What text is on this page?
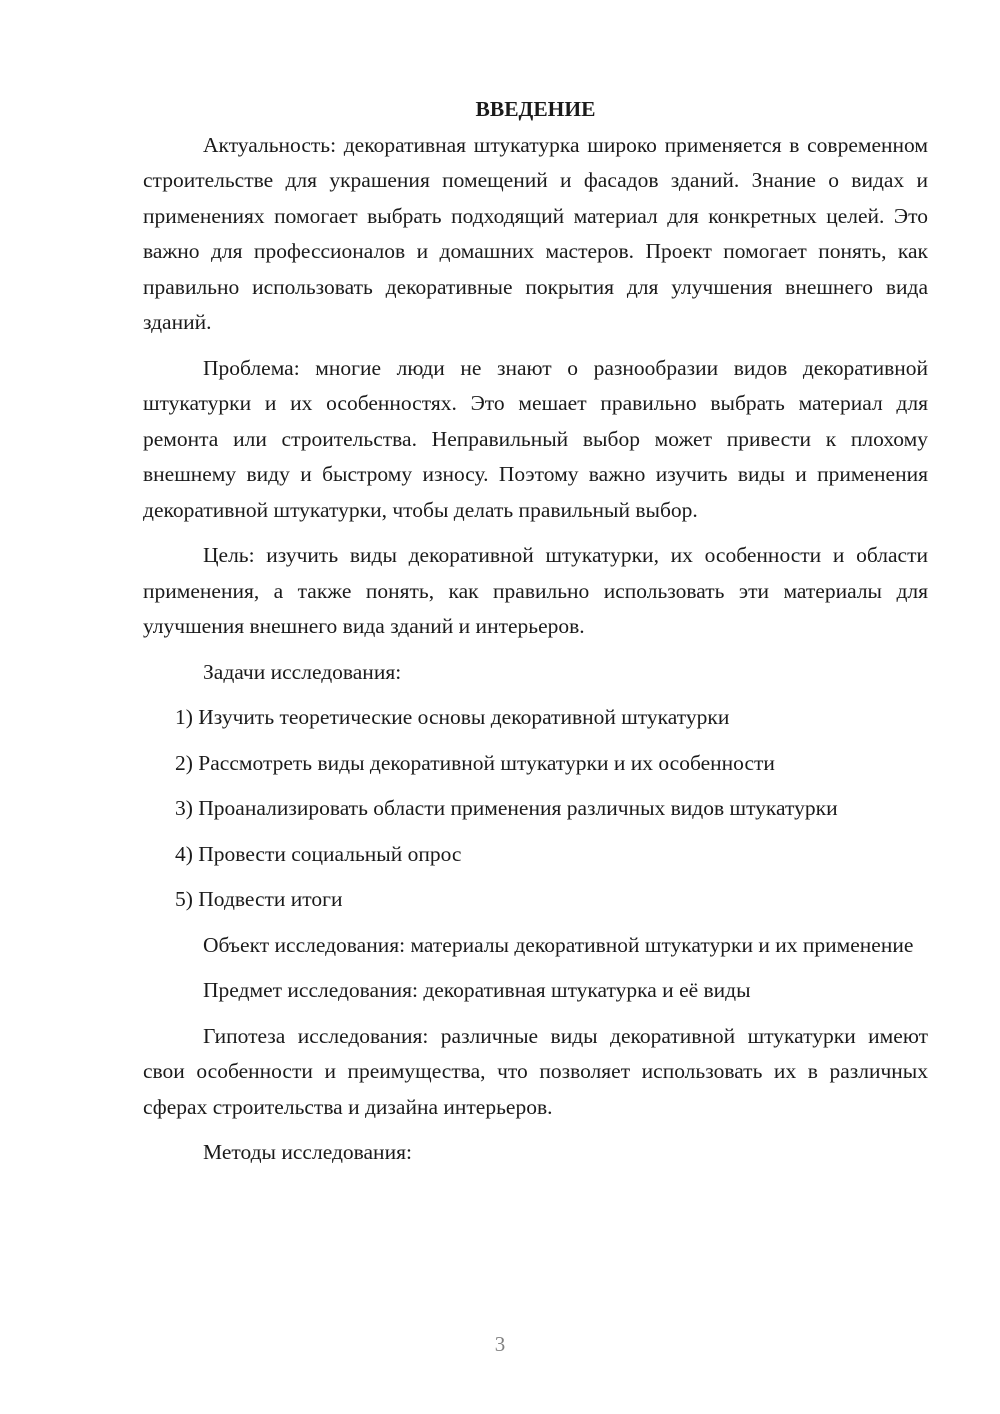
ВВЕДЕНИЕ

Актуальность: декоративная штукатурка широко применяется в современном строительстве для украшения помещений и фасадов зданий. Знание о видах и применениях помогает выбрать подходящий материал для конкретных целей. Это важно для профессионалов и домашних мастеров. Проект помогает понять, как правильно использовать декоративные покрытия для улучшения внешнего вида зданий.

Проблема: многие люди не знают о разнообразии видов декоративной штукатурки и их особенностях. Это мешает правильно выбрать материал для ремонта или строительства. Неправильный выбор может привести к плохому внешнему виду и быстрому износу. Поэтому важно изучить виды и применения декоративной штукатурки, чтобы делать правильный выбор.

Цель: изучить виды декоративной штукатурки, их особенности и области применения, а также понять, как правильно использовать эти материалы для улучшения внешнего вида зданий и интерьеров.

Задачи исследования:

1) Изучить теоретические основы декоративной штукатурки

2) Рассмотреть виды декоративной штукатурки и их особенности

3) Проанализировать области применения различных видов штукатурки

4) Провести социальный опрос

5) Подвести итоги

Объект исследования: материалы декоративной штукатурки и их применение

Предмет исследования: декоративная штукатурка и её виды

Гипотеза исследования: различные виды декоративной штукатурки имеют свои особенности и преимущества, что позволяет использовать их в различных сферах строительства и дизайна интерьеров.

Методы исследования:

3
